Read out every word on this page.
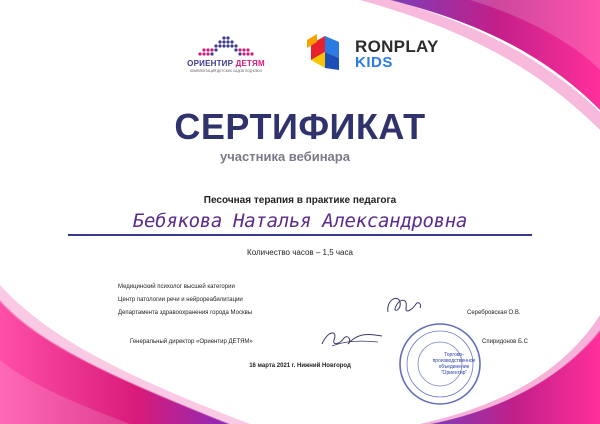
ОРИЕНТИР ДЕТЯМ
КОМПЛЕКТАЦИЯ ДЕТСКИХ САДОВ ПОД КЛЮЧ
RONPLAY
KIDS
СЕРТИФИКАТ
участника вебинара
Песочная терапия в практике педагога
Бебякова Наталья Александровна
Количество часов – 1,5 часа
Медицинский психолог высшей категории
Центр патологии речи и нейрореабилитации
Департамента здравоохранения города Москвы	Серебровская О.В.
Генеральный директор «Ориентир ДЕТЯМ»	Спиридонов Б.С
Торгово-
производственное
объединение
"Ориентир"
16 марта 2021 г. Нижний Новгород
